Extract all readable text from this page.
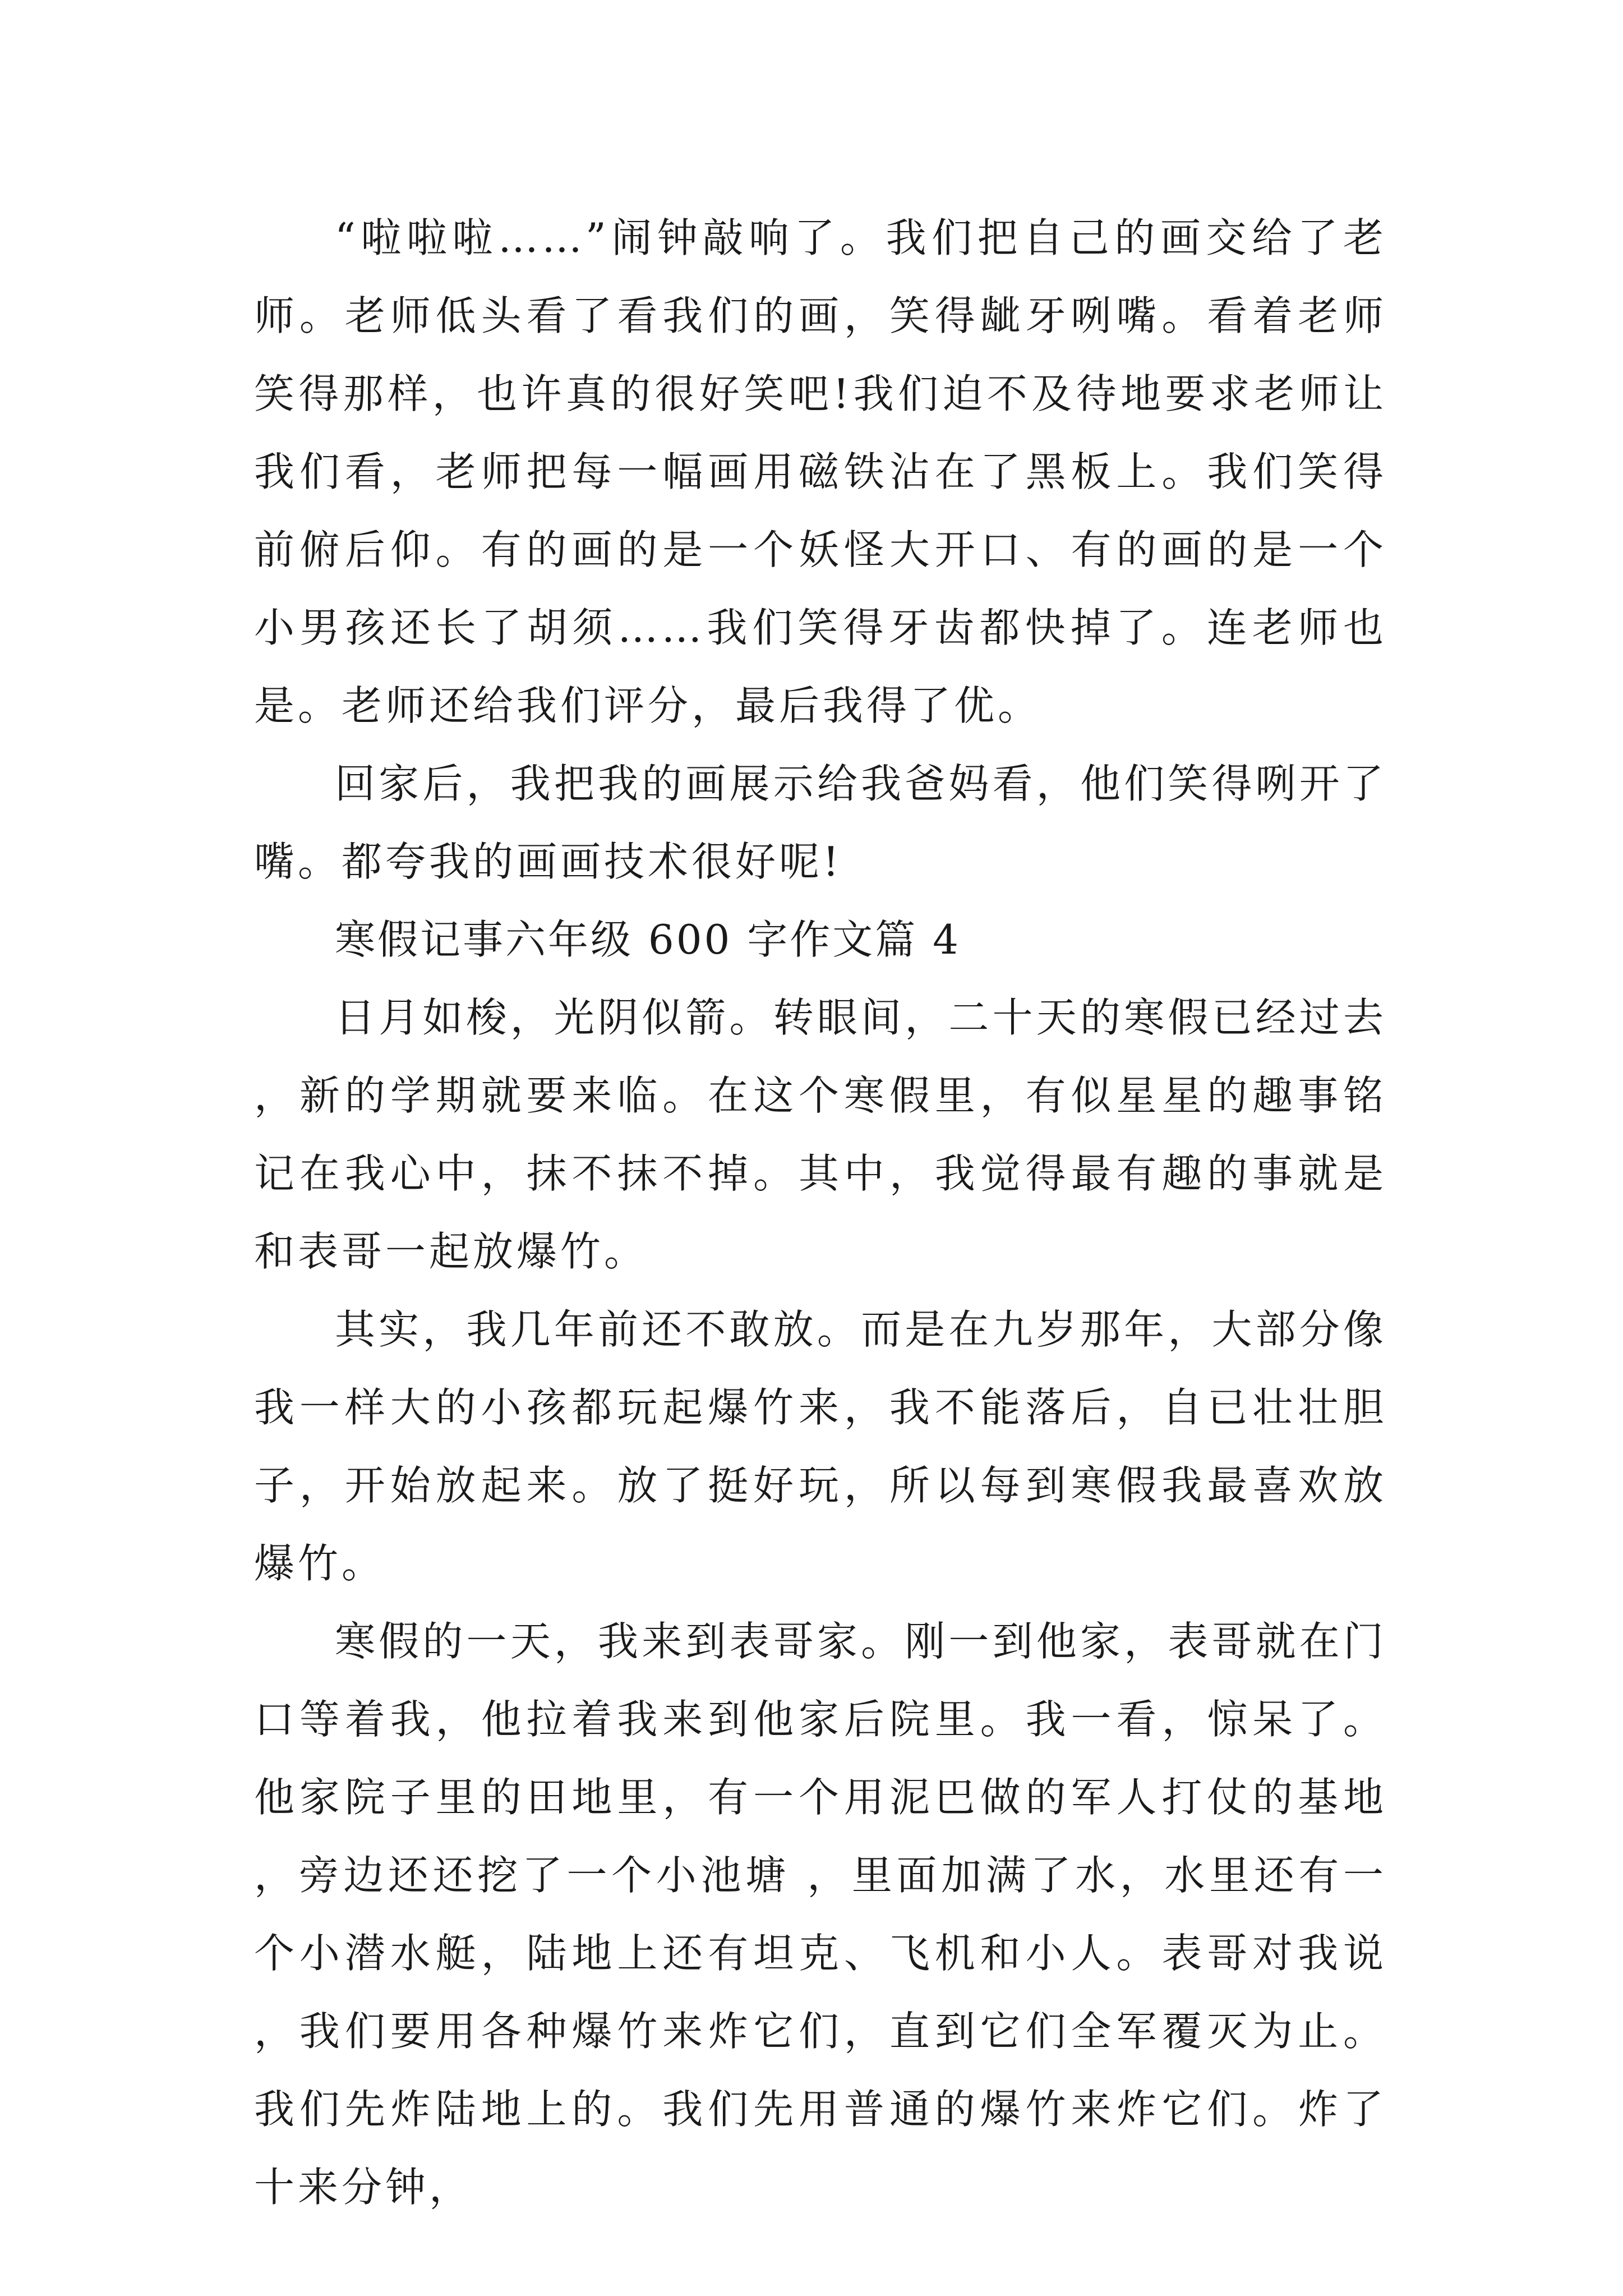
“啦啦啦……”闹钟敲响了。我们把自己的画交给了老师。老师低头看了看我们的画，笑得龇牙咧嘴。看着老师笑得那样，也许真的很好笑吧!我们迫不及待地要求老师让我们看，老师把每一幅画用磁铁沾在了黑板上。我们笑得前俯后仰。有的画的是一个妖怪大开口、有的画的是一个小男孩还长了胡须……我们笑得牙齿都快掉了。连老师也是。老师还给我们评分，最后我得了优。

回家后，我把我的画展示给我爸妈看，他们笑得咧开了嘴。都夸我的画画技术很好呢!

寒假记事六年级 600 字作文篇 4

日月如梭，光阴似箭。转眼间，二十天的寒假已经过去，新的学期就要来临。在这个寒假里，有似星星的趣事铭记在我心中，抹不抹不掉。其中，我觉得最有趣的事就是和表哥一起放爆竹。

其实，我几年前还不敢放。而是在九岁那年，大部分像我一样大的小孩都玩起爆竹来，我不能落后，自已壮壮胆子，开始放起来。放了挺好玩，所以每到寒假我最喜欢放爆竹。

寒假的一天，我来到表哥家。刚一到他家，表哥就在门口等着我，他拉着我来到他家后院里。我一看，惊呆了。他家院子里的田地里，有一个用泥巴做的军人打仗的基地，旁边还还挖了一个小池塘 ，里面加满了水，水里还有一个小潜水艇，陆地上还有坦克、飞机和小人。表哥对我说，我们要用各种爆竹来炸它们，直到它们全军覆灭为止。我们先炸陆地上的。我们先用普通的爆竹来炸它们。炸了 十来分钟，
